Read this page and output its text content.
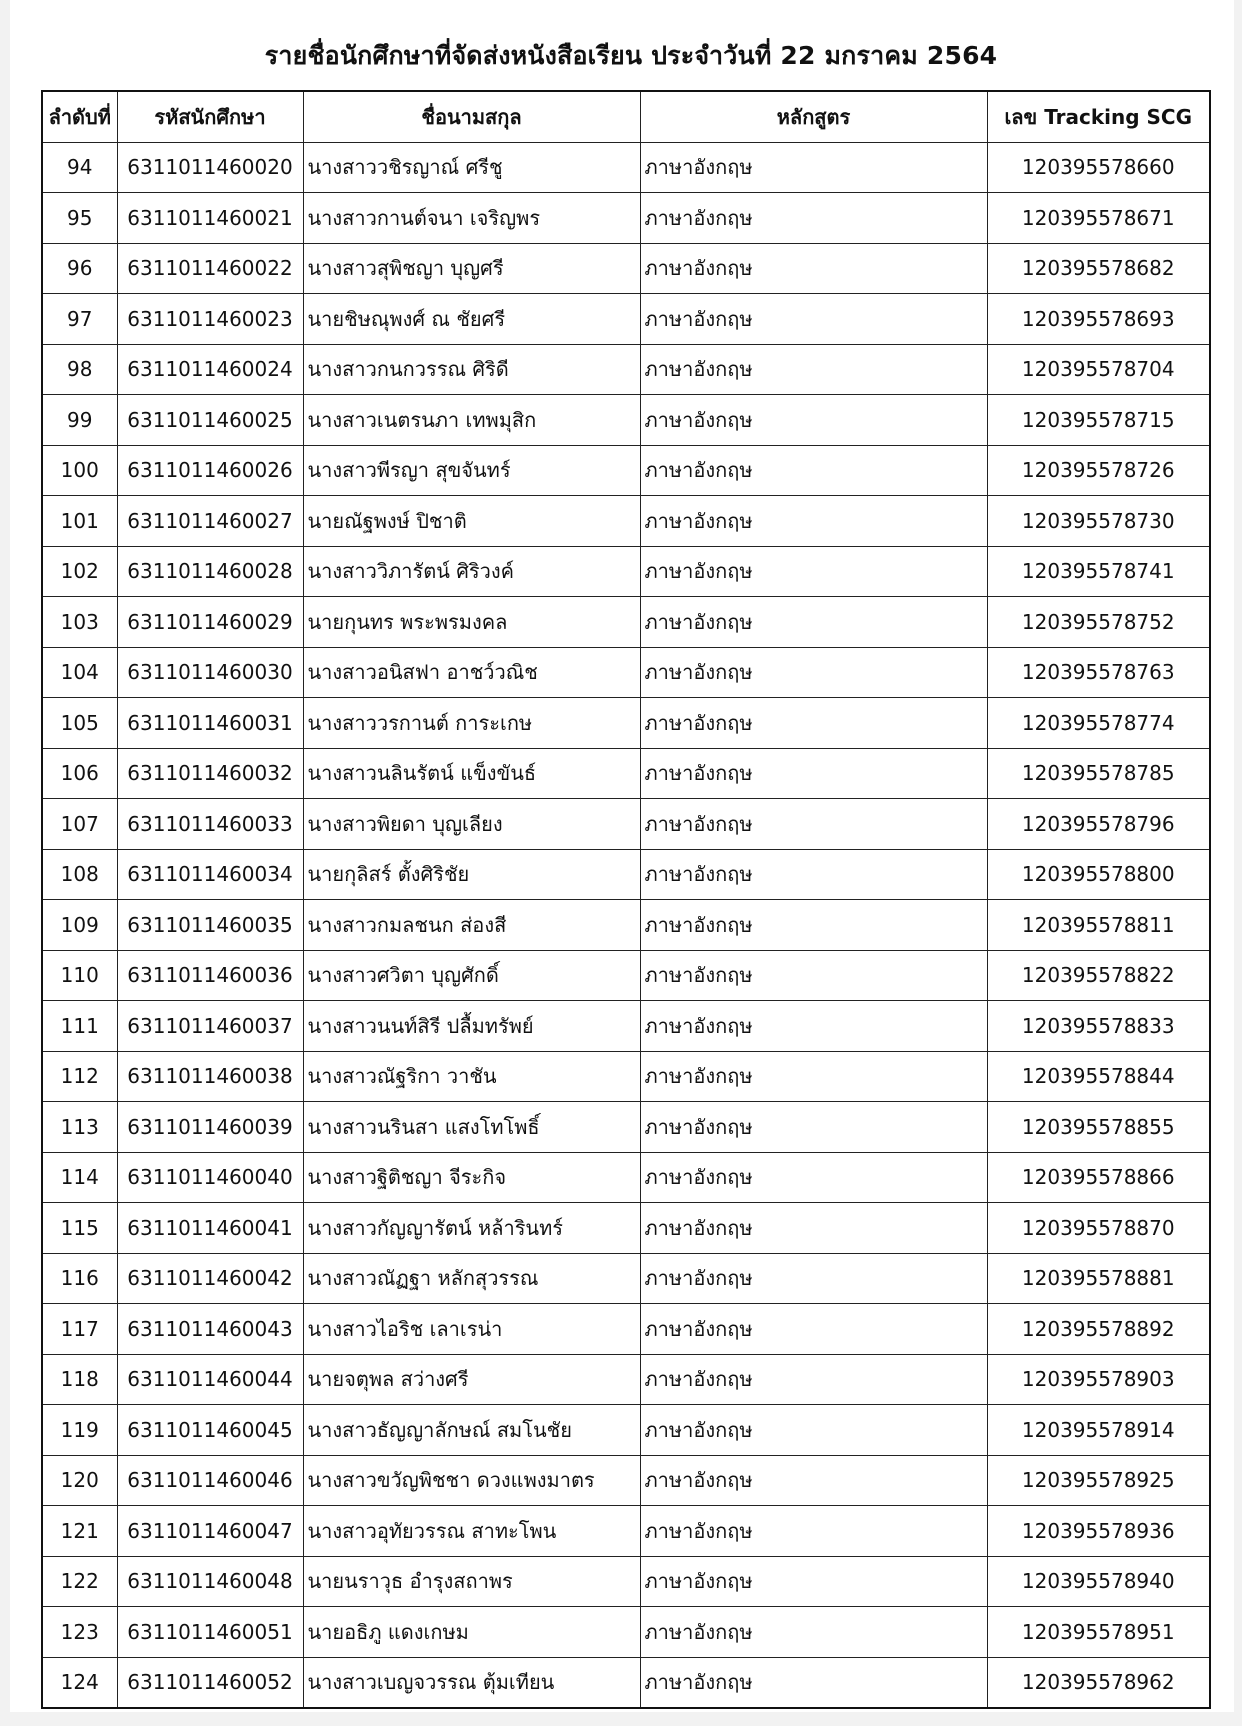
รายชื่อนักศึกษาที่จัดส่งหนังสือเรียน ประจำวันที่ 22 มกราคม 2564
ลำดับที่	รหัสนักศึกษา	ชื่อนามสกุล	หลักสูตร	เลข Tracking SCG
94	6311011460020	นางสาววชิรญาณ์ ศรีชู	ภาษาอังกฤษ	120395578660
95	6311011460021	นางสาวกานต์จนา เจริญพร	ภาษาอังกฤษ	120395578671
96	6311011460022	นางสาวสุพิชญา บุญศรี	ภาษาอังกฤษ	120395578682
97	6311011460023	นายชิษณุพงศ์ ณ ชัยศรี	ภาษาอังกฤษ	120395578693
98	6311011460024	นางสาวกนกวรรณ ศิริดี	ภาษาอังกฤษ	120395578704
99	6311011460025	นางสาวเนตรนภา เทพมุสิก	ภาษาอังกฤษ	120395578715
100	6311011460026	นางสาวพีรญา สุขจันทร์	ภาษาอังกฤษ	120395578726
101	6311011460027	นายณัฐพงษ์ ปิชาติ	ภาษาอังกฤษ	120395578730
102	6311011460028	นางสาววิภารัตน์ ศิริวงค์	ภาษาอังกฤษ	120395578741
103	6311011460029	นายกุนทร พระพรมงคล	ภาษาอังกฤษ	120395578752
104	6311011460030	นางสาวอนิสฟา อาชว์วณิช	ภาษาอังกฤษ	120395578763
105	6311011460031	นางสาววรกานต์ การะเกษ	ภาษาอังกฤษ	120395578774
106	6311011460032	นางสาวนลินรัตน์ แข็งขันธ์	ภาษาอังกฤษ	120395578785
107	6311011460033	นางสาวพิยดา บุญเลียง	ภาษาอังกฤษ	120395578796
108	6311011460034	นายกุลิสร์ ตั้งศิริชัย	ภาษาอังกฤษ	120395578800
109	6311011460035	นางสาวกมลชนก ส่องสี	ภาษาอังกฤษ	120395578811
110	6311011460036	นางสาวศวิตา บุญศักดิ์	ภาษาอังกฤษ	120395578822
111	6311011460037	นางสาวนนท์สิรี ปลื้มทรัพย์	ภาษาอังกฤษ	120395578833
112	6311011460038	นางสาวณัฐริกา วาชัน	ภาษาอังกฤษ	120395578844
113	6311011460039	นางสาวนรินสา แสงโทโพธิ์	ภาษาอังกฤษ	120395578855
114	6311011460040	นางสาวฐิติชญา จีระกิจ	ภาษาอังกฤษ	120395578866
115	6311011460041	นางสาวกัญญารัตน์ หล้ารินทร์	ภาษาอังกฤษ	120395578870
116	6311011460042	นางสาวณัฏฐา หลักสุวรรณ	ภาษาอังกฤษ	120395578881
117	6311011460043	นางสาวไอริช เลาเรน่า	ภาษาอังกฤษ	120395578892
118	6311011460044	นายจตุพล สว่างศรี	ภาษาอังกฤษ	120395578903
119	6311011460045	นางสาวธัญญาลักษณ์ สมโนชัย	ภาษาอังกฤษ	120395578914
120	6311011460046	นางสาวขวัญพิชชา ดวงแพงมาตร	ภาษาอังกฤษ	120395578925
121	6311011460047	นางสาวอุทัยวรรณ สาทะโพน	ภาษาอังกฤษ	120395578936
122	6311011460048	นายนราวุธ อำรุงสถาพร	ภาษาอังกฤษ	120395578940
123	6311011460051	นายอธิภู แดงเกษม	ภาษาอังกฤษ	120395578951
124	6311011460052	นางสาวเบญจวรรณ ตุ้มเทียน	ภาษาอังกฤษ	120395578962
